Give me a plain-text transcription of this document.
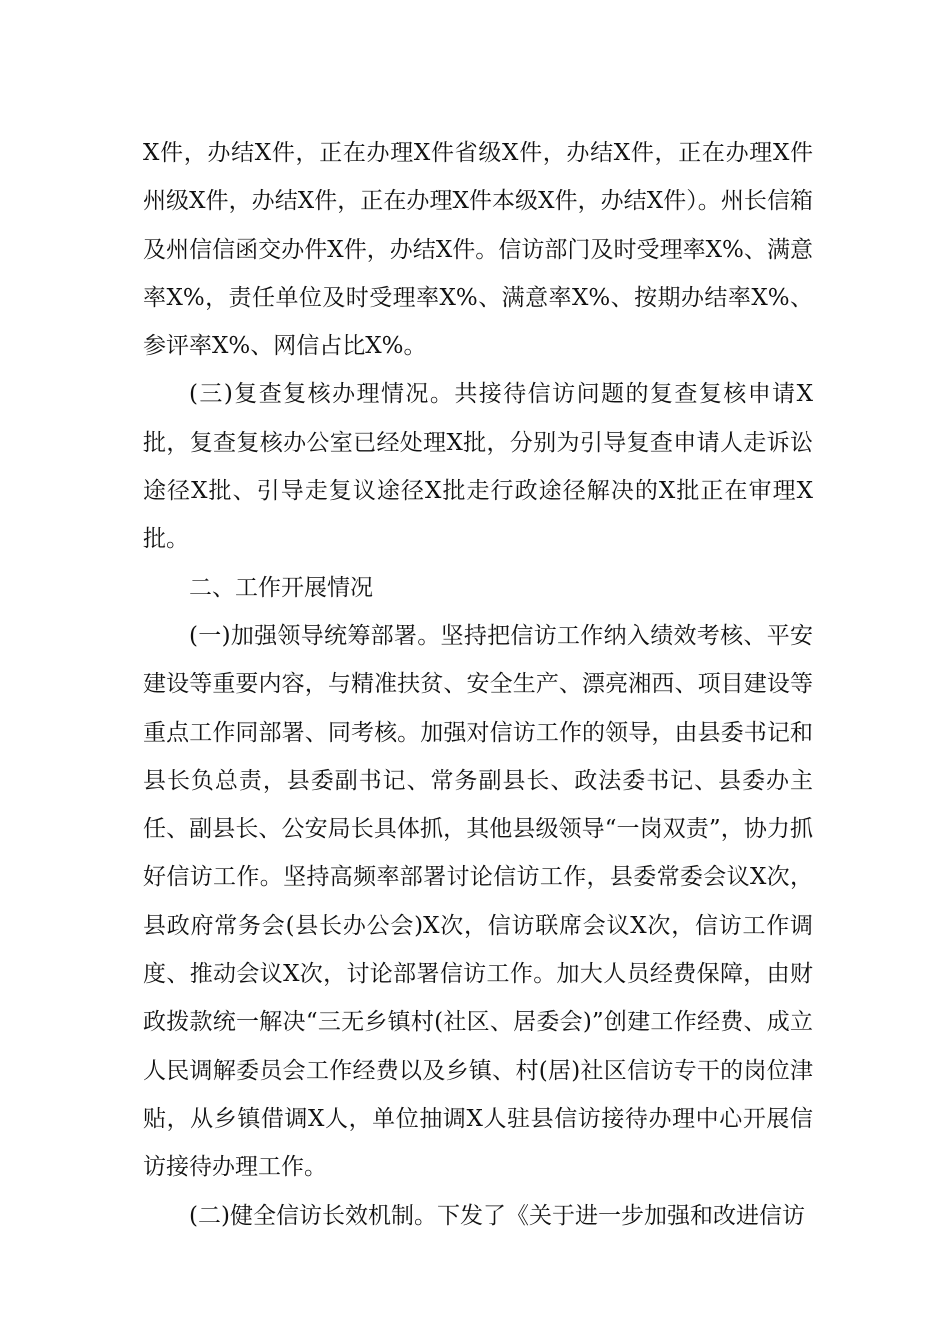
X件，办结X件，正在办理X件省级X件，办结X件，正在办理X件州级X件，办结X件，正在办理X件本级X件，办结X件）。州长信箱及州信信函交办件X件，办结X件。信访部门及时受理率X%、满意率X%，责任单位及时受理率X%、满意率X%、按期办结率X%、参评率X%、网信占比X%。

(三)复查复核办理情况。共接待信访问题的复查复核申请X批，复查复核办公室已经处理X批，分别为引导复查申请人走诉讼途径X批、引导走复议途径X批走行政途径解决的X批正在审理X批。

二、工作开展情况

(一)加强领导统筹部署。坚持把信访工作纳入绩效考核、平安建设等重要内容，与精准扶贫、安全生产、漂亮湘西、项目建设等重点工作同部署、同考核。加强对信访工作的领导，由县委书记和县长负总责，县委副书记、常务副县长、政法委书记、县委办主任、副县长、公安局长具体抓，其他县级领导“一岗双责”，协力抓好信访工作。坚持高频率部署讨论信访工作，县委常委会议X次，县政府常务会(县长办公会)X次，信访联席会议X次，信访工作调度、推动会议X次，讨论部署信访工作。加大人员经费保障，由财政拨款统一解决“三无乡镇村(社区、居委会)”创建工作经费、成立人民调解委员会工作经费以及乡镇、村(居)社区信访专干的岗位津贴，从乡镇借调X人，单位抽调X人驻县信访接待办理中心开展信访接待办理工作。

(二)健全信访长效机制。下发了《关于进一步加强和改进信访
